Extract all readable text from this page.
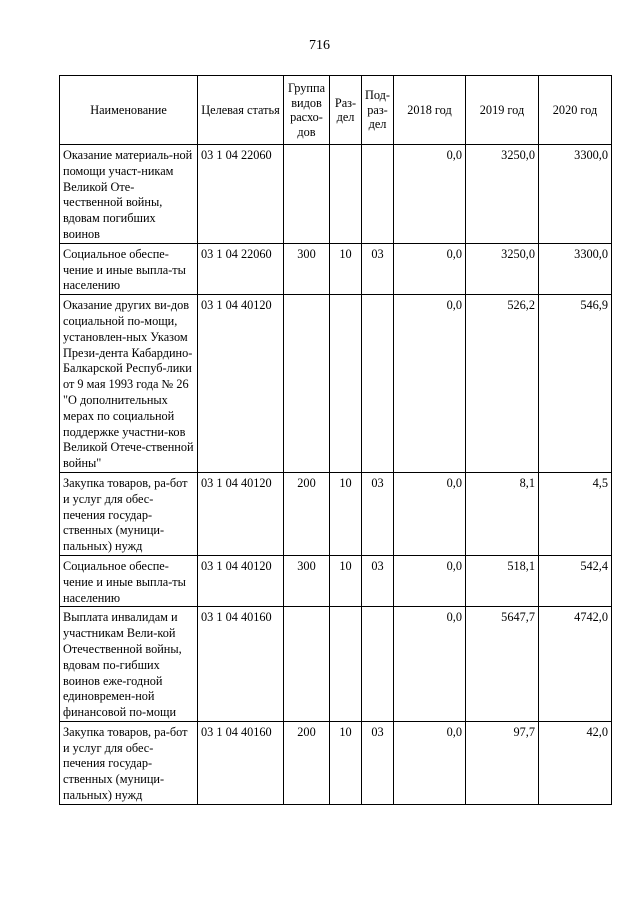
716
Наименование	Целевая статья	Группа видов расхо-дов	Раз-дел	Под-раз-дел	2018 год	2019 год	2020 год
Оказание материаль-ной помощи участ-никам Великой Оте-чественной войны, вдовам погибших воинов	03 1 04 22060				0,0	3250,0	3300,0
Социальное обеспе-чение и иные выпла-ты населению	03 1 04 22060	300	10	03	0,0	3250,0	3300,0
Оказание других ви-дов социальной по-мощи, установлен-ных Указом Прези-дента Кабардино-Балкарской Респуб-лики от 9 мая 1993 года № 26 "О дополнительных мерах по социальной поддержке участни-ков Великой Отече-ственной войны"	03 1 04 40120				0,0	526,2	546,9
Закупка товаров, ра-бот и услуг для обес-печения государ-ственных (муници-пальных) нужд	03 1 04 40120	200	10	03	0,0	8,1	4,5
Социальное обеспе-чение и иные выпла-ты населению	03 1 04 40120	300	10	03	0,0	518,1	542,4
Выплата инвалидам и участникам Вели-кой Отечественной войны, вдовам по-гибших воинов еже-годной единовремен-ной финансовой по-мощи	03 1 04 40160				0,0	5647,7	4742,0
Закупка товаров, ра-бот и услуг для обес-печения государ-ственных (муници-пальных) нужд	03 1 04 40160	200	10	03	0,0	97,7	42,0
